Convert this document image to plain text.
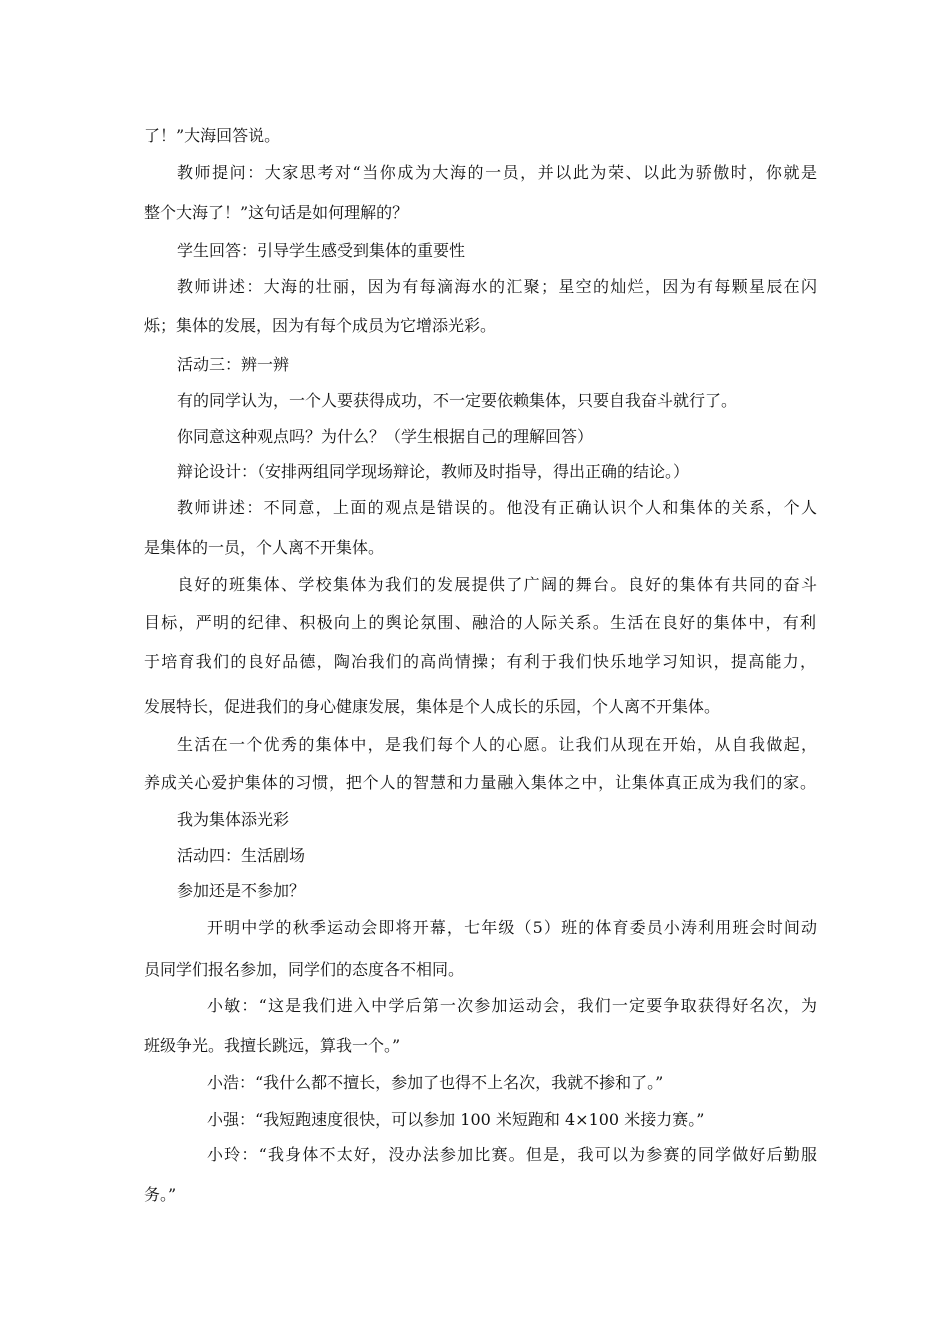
了！”大海回答说。
教师提问：大家思考对“当你成为大海的一员，并以此为荣、以此为骄傲时，你就是
整个大海了！”这句话是如何理解的？
学生回答：引导学生感受到集体的重要性
教师讲述：大海的壮丽，因为有每滴海水的汇聚；星空的灿烂，因为有每颗星辰在闪
烁；集体的发展，因为有每个成员为它增添光彩。
活动三：辨一辨
有的同学认为，一个人要获得成功，不一定要依赖集体，只要自我奋斗就行了。
你同意这种观点吗？为什么？（学生根据自己的理解回答）
辩论设计：（安排两组同学现场辩论，教师及时指导，得出正确的结论。）
教师讲述：不同意，上面的观点是错误的。他没有正确认识个人和集体的关系，个人
是集体的一员，个人离不开集体。
良好的班集体、学校集体为我们的发展提供了广阔的舞台。良好的集体有共同的奋斗
目标，严明的纪律、积极向上的舆论氛围、融洽的人际关系。生活在良好的集体中，有利
于培育我们的良好品德，陶冶我们的高尚情操；有利于我们快乐地学习知识，提高能力，
发展特长，促进我们的身心健康发展，集体是个人成长的乐园，个人离不开集体。
生活在一个优秀的集体中，是我们每个人的心愿。让我们从现在开始，从自我做起，
养成关心爱护集体的习惯，把个人的智慧和力量融入集体之中，让集体真正成为我们的家。
我为集体添光彩
活动四：生活剧场
参加还是不参加？
开明中学的秋季运动会即将开幕，七年级（5）班的体育委员小涛利用班会时间动
员同学们报名参加，同学们的态度各不相同。
小敏：“这是我们进入中学后第一次参加运动会，我们一定要争取获得好名次，为
班级争光。我擅长跳远，算我一个。”
小浩：“我什么都不擅长，参加了也得不上名次，我就不掺和了。”
小强：“我短跑速度很快，可以参加 100 米短跑和 4×100 米接力赛。”
小玲：“我身体不太好，没办法参加比赛。但是，我可以为参赛的同学做好后勤服
务。”
